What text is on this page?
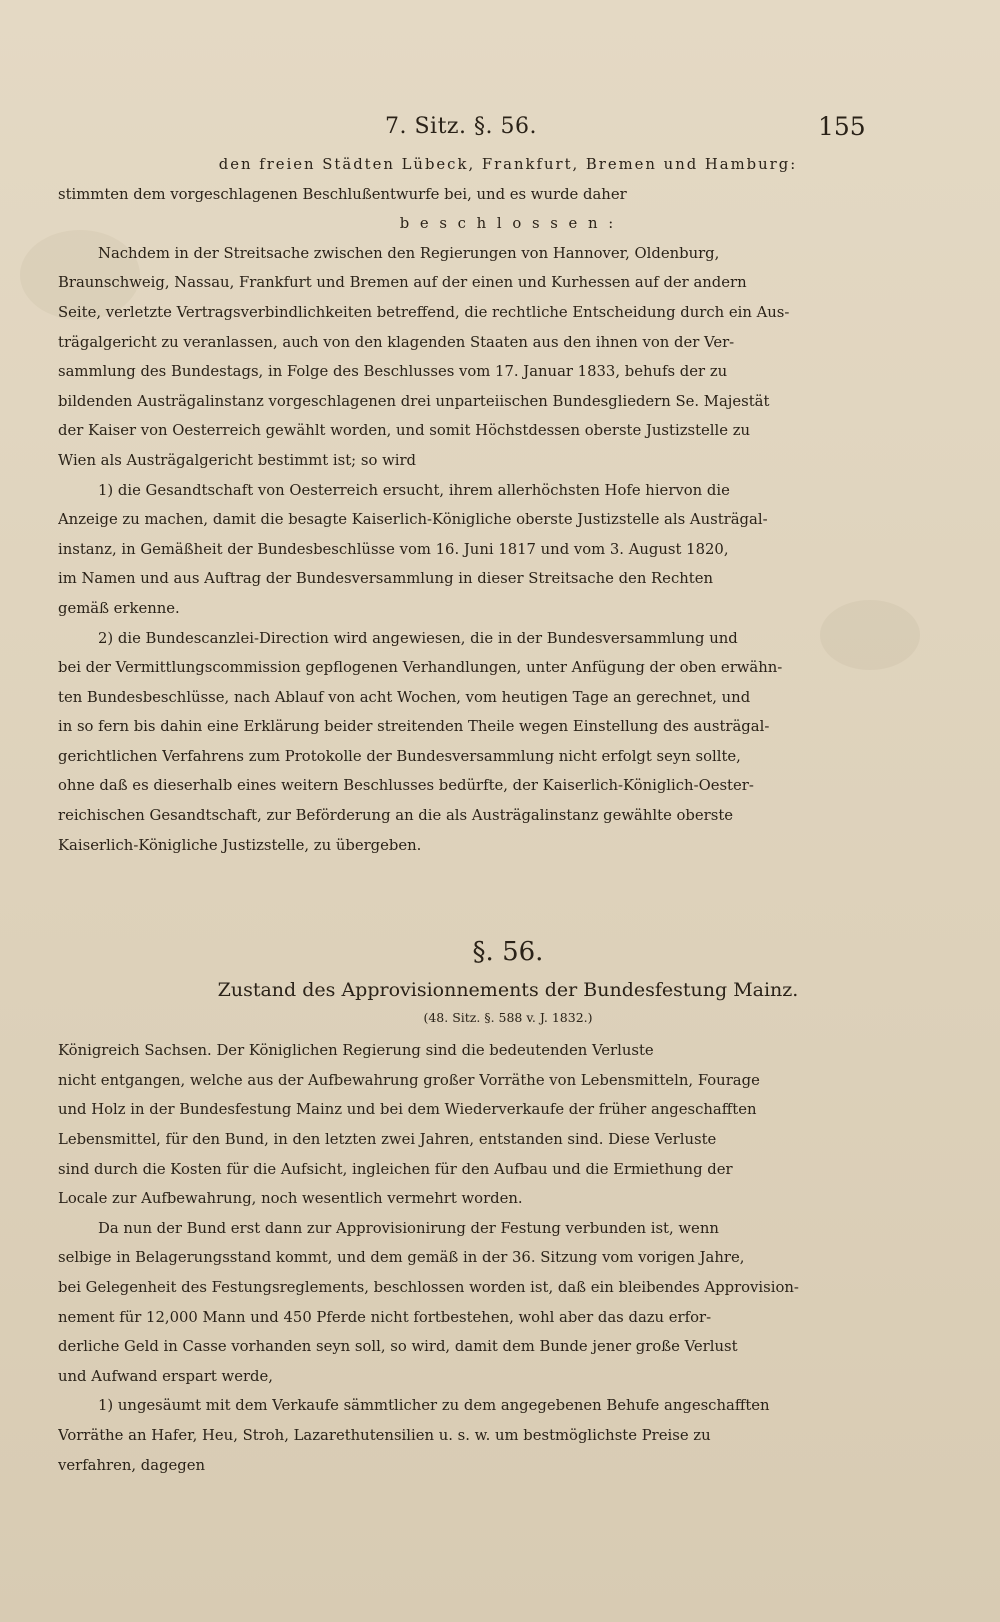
7. Sitz. §. 56.	155

den freien Städten Lübeck, Frankfurt, Bremen und Hamburg:

stimmten dem vorgeschlagenen Beschlußentwurfe bei, und es wurde daher

b e s c h l o s s e n :

Nachdem in der Streitsache zwischen den Regierungen von Hannover, Oldenburg,

Braunschweig, Nassau, Frankfurt und Bremen auf der einen und Kurhessen auf der andern

Seite, verletzte Vertragsverbindlichkeiten betreffend, die rechtliche Entscheidung durch ein Aus-

trägalgericht zu veranlassen, auch von den klagenden Staaten aus den ihnen von der Ver-

sammlung des Bundestags, in Folge des Beschlusses vom 17. Januar 1833, behufs der zu

bildenden Austrägalinstanz vorgeschlagenen drei unparteiischen Bundesgliedern Se. Majestät

der Kaiser von Oesterreich gewählt worden, und somit Höchstdessen oberste Justizstelle zu

Wien als Austrägalgericht bestimmt ist; so wird

1) die Gesandtschaft von Oesterreich ersucht, ihrem allerhöchsten Hofe hiervon die

Anzeige zu machen, damit die besagte Kaiserlich-Königliche oberste Justizstelle als Austrägal-

instanz, in Gemäßheit der Bundesbeschlüsse vom 16. Juni 1817 und vom 3. August 1820,

im Namen und aus Auftrag der Bundesversammlung in dieser Streitsache den Rechten

gemäß erkenne.

2) die Bundescanzlei-Direction wird angewiesen, die in der Bundesversammlung und

bei der Vermittlungscommission gepflogenen Verhandlungen, unter Anfügung der oben erwähn-

ten Bundesbeschlüsse, nach Ablauf von acht Wochen, vom heutigen Tage an gerechnet, und

in so fern bis dahin eine Erklärung beider streitenden Theile wegen Einstellung des austrägal-

gerichtlichen Verfahrens zum Protokolle der Bundesversammlung nicht erfolgt seyn sollte,

ohne daß es dieserhalb eines weitern Beschlusses bedürfte, der Kaiserlich-Königlich-Oester-

reichischen Gesandtschaft, zur Beförderung an die als Austrägalinstanz gewählte oberste

Kaiserlich-Königliche Justizstelle, zu übergeben.

§. 56.
Zustand des Approvisionnements der Bundesfestung Mainz.
(48. Sitz. §. 588 v. J. 1832.)

Königreich Sachsen. Der Königlichen Regierung sind die bedeutenden Verluste

nicht entgangen, welche aus der Aufbewahrung großer Vorräthe von Lebensmitteln, Fourage

und Holz in der Bundesfestung Mainz und bei dem Wiederverkaufe der früher angeschafften

Lebensmittel, für den Bund, in den letzten zwei Jahren, entstanden sind. Diese Verluste

sind durch die Kosten für die Aufsicht, ingleichen für den Aufbau und die Ermiethung der

Locale zur Aufbewahrung, noch wesentlich vermehrt worden.

Da nun der Bund erst dann zur Approvisionirung der Festung verbunden ist, wenn

selbige in Belagerungsstand kommt, und dem gemäß in der 36. Sitzung vom vorigen Jahre,

bei Gelegenheit des Festungsreglements, beschlossen worden ist, daß ein bleibendes Approvision-

nement für 12,000 Mann und 450 Pferde nicht fortbestehen, wohl aber das dazu erfor-

derliche Geld in Casse vorhanden seyn soll, so wird, damit dem Bunde jener große Verlust

und Aufwand erspart werde,

1) ungesäumt mit dem Verkaufe sämmtlicher zu dem angegebenen Behufe angeschafften

Vorräthe an Hafer, Heu, Stroh, Lazarethutensilien u. s. w. um bestmöglichste Preise zu

verfahren, dagegen
